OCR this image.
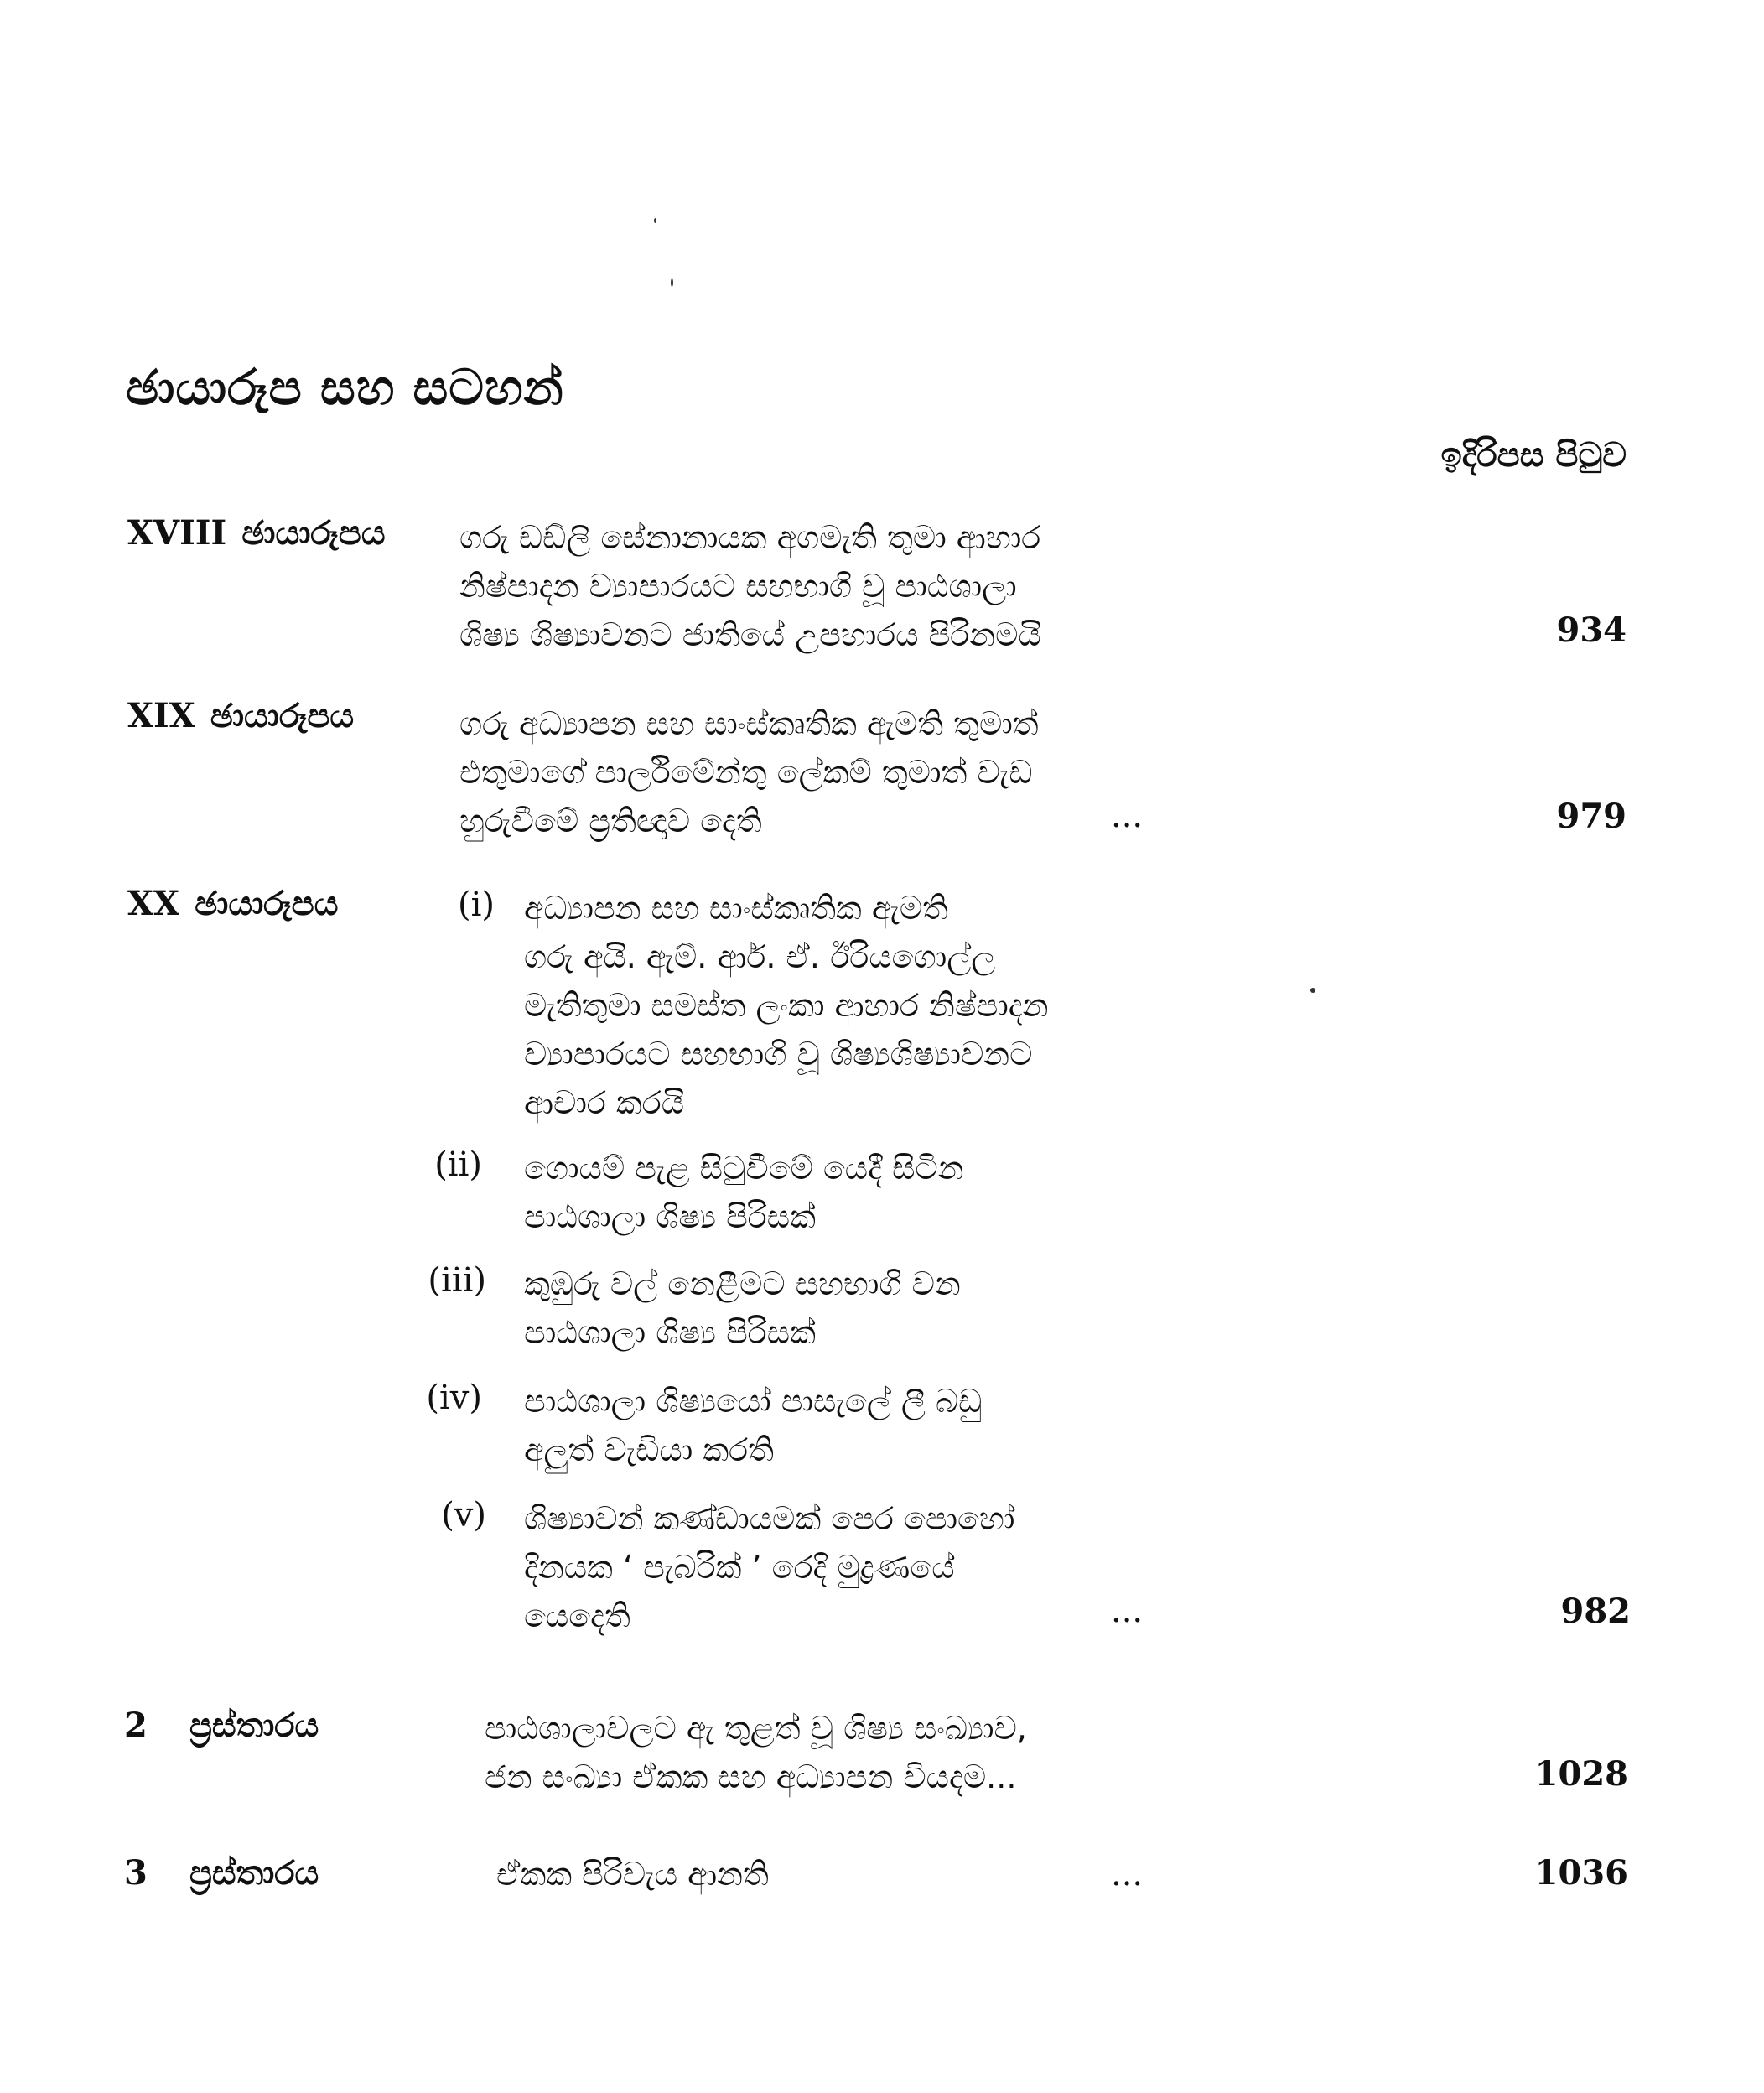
ඡායාරූප සහ සටහන්
ඉදිරිපස පිටුව
XVIII ඡායාරූපය ගරු ඩඩ්ලි සේනානායක අගමැති තුමා ආහාර
නිෂ්පාදන ව්‍යාපාරයට සහභාගි වූ පාඨශාලා
ශිෂ්‍ය ශිෂ්‍යාවනට ජාතියේ උපහාරය පිරිනමයි	934
XIX ඡායාරූපය	ගරු අධ්‍යාපන සහ සාංස්කෘතික ඇමති තුමාත්
එතුමාගේ පාර්ලිමේන්තු ලේකම් තුමාත් වැඩ
හුරුවීමේ ප්‍රතිඥාව දෙති	...	979
XX ඡායාරූපය	(i) අධ්‍යාපන සහ සාංස්කෘතික ඇමති
ගරු අයි. ඇම්. ආර්. ඒ. ඊරියගොල්ල
මැතිතුමා සමස්ත ලංකා ආහාර නිෂ්පාදන
ව්‍යාපාරයට සහභාගි වූ ශිෂ්‍යශිෂ්‍යාවනට
ආචාර කරයි
(ii) ගොයම් පැළ සිටුවීමේ යෙදී සිටින
පාඨශාලා ශිෂ්‍ය පිරිසක්
(iii) කුඹුරු වල් නෙළීමට සහභාගි වන
පාඨශාලා ශිෂ්‍ය පිරිසක්
(iv) පාඨශාලා ශිෂ්‍යයෝ පාසැලේ ලී බඩු
අලුත් වැඩියා කරති
(v) ශිෂ්‍යාවන් කණ්ඩායමක් පෙර පොහෝ
දිනයක ‘ පැබරික් ’ රෙදි මුද්‍රණයේ
යෙදෙති	...	982
2 ප්‍රස්තාරය	පාඨශාලාවලට ඇ තුළත් වූ ශිෂ්‍ය සංඛ්‍යාව,
ජන සංඛ්‍යා ඒකක සහ අධ්‍යාපන වියදම...	1028
3 ප්‍රස්තාරය	ඒකක පිරිවැය ආනති	...	1036
